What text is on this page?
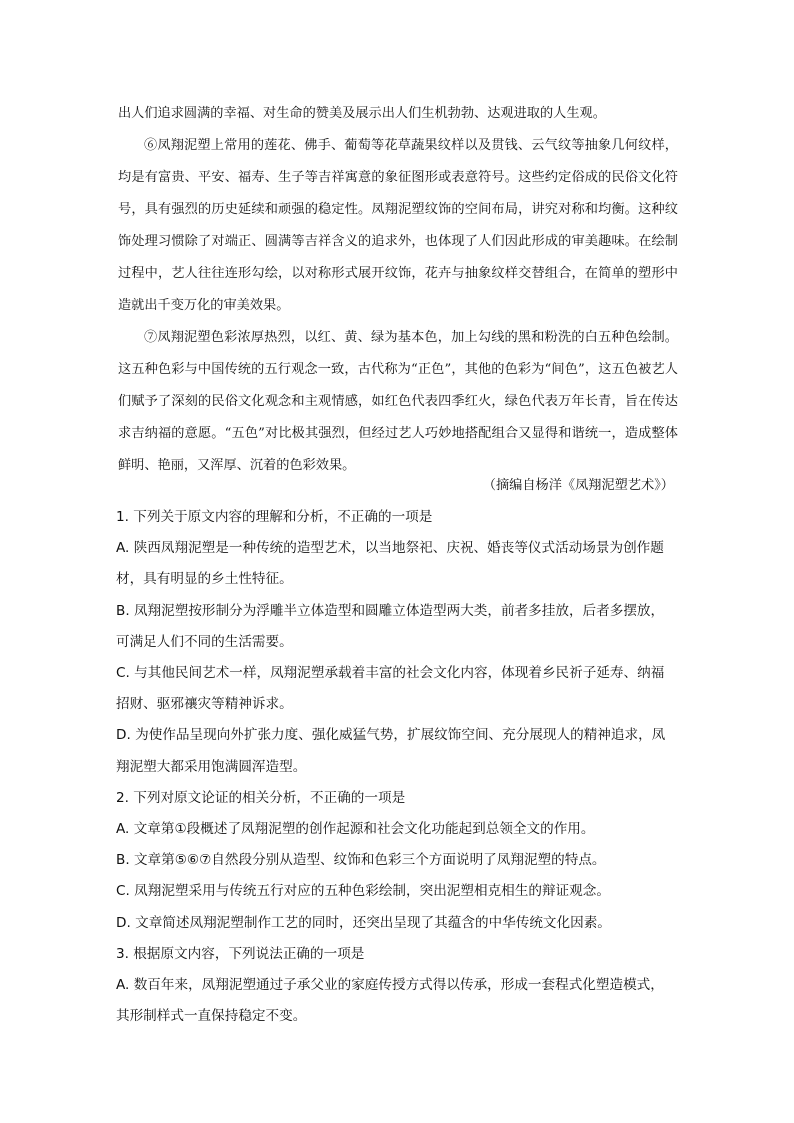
出人们追求圆满的幸福、对生命的赞美及展示出人们生机勃勃、达观进取的人生观。

⑥凤翔泥塑上常用的莲花、佛手、葡萄等花草蔬果纹样以及贯钱、云气纹等抽象几何纹样，均是有富贵、平安、福寿、生子等吉祥寓意的象征图形或表意符号。这些约定俗成的民俗文化符号，具有强烈的历史延续和顽强的稳定性。凤翔泥塑纹饰的空间布局，讲究对称和均衡。这种纹饰处理习惯除了对端正、圆满等吉祥含义的追求外，也体现了人们因此形成的审美趣味。在绘制过程中，艺人往往连形勾绘，以对称形式展开纹饰，花卉与抽象纹样交替组合，在简单的塑形中造就出千变万化的审美效果。

⑦凤翔泥塑色彩浓厚热烈，以红、黄、绿为基本色，加上勾线的黑和粉洗的白五种色绘制。这五种色彩与中国传统的五行观念一致，古代称为“正色”，其他的色彩为“间色”，这五色被艺人们赋予了深刻的民俗文化观念和主观情感，如红色代表四季红火，绿色代表万年长青，旨在传达求吉纳福的意愿。“五色”对比极其强烈，但经过艺人巧妙地搭配组合又显得和谐统一，造成整体鲜明、艳丽，又浑厚、沉着的色彩效果。

（摘编自杨洋《凤翔泥塑艺术》）

1. 下列关于原文内容的理解和分析，不正确的一项是

A. 陕西凤翔泥塑是一种传统的造型艺术，以当地祭祀、庆祝、婚丧等仪式活动场景为创作题

材，具有明显的乡土性特征。

B. 凤翔泥塑按形制分为浮雕半立体造型和圆雕立体造型两大类，前者多挂放，后者多摆放，

可满足人们不同的生活需要。

C. 与其他民间艺术一样，凤翔泥塑承载着丰富的社会文化内容，体现着乡民祈子延寿、纳福

招财、驱邪禳灾等精神诉求。

D. 为使作品呈现向外扩张力度、强化威猛气势，扩展纹饰空间、充分展现人的精神追求，凤

翔泥塑大都采用饱满圆浑造型。

2. 下列对原文论证的相关分析，不正确的一项是

A. 文章第①段概述了凤翔泥塑的创作起源和社会文化功能起到总领全文的作用。

B. 文章第⑤⑥⑦自然段分别从造型、纹饰和色彩三个方面说明了凤翔泥塑的特点。

C. 凤翔泥塑采用与传统五行对应的五种色彩绘制，突出泥塑相克相生的辩证观念。

D. 文章简述凤翔泥塑制作工艺的同时，还突出呈现了其蕴含的中华传统文化因素。

3. 根据原文内容，下列说法正确的一项是

A. 数百年来，凤翔泥塑通过子承父业的家庭传授方式得以传承，形成一套程式化塑造模式，

其形制样式一直保持稳定不变。
